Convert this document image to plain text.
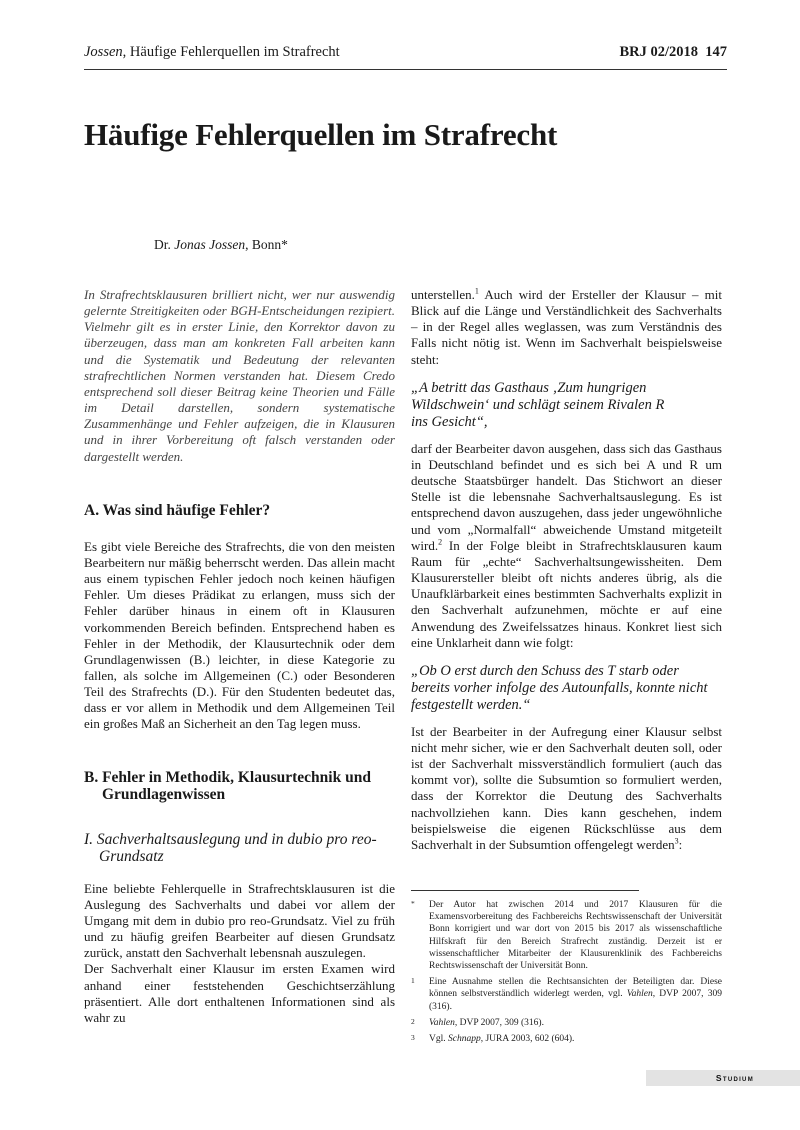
Jossen, Häufige Fehlerquellen im Strafrecht	BRJ 02/2018 147
Häufige Fehlerquellen im Strafrecht
Dr. Jonas Jossen, Bonn*

In Strafrechtsklausuren brilliert nicht, wer nur auswendig gelernte Streitigkeiten oder BGH-Entscheidungen rezipiert. Vielmehr gilt es in erster Linie, den Korrektor davon zu überzeugen, dass man am konkreten Fall arbeiten kann und die Systematik und Bedeutung der relevanten strafrechtlichen Normen verstanden hat. Diesem Credo entsprechend soll dieser Beitrag keine Theorien und Fälle im Detail darstellen, sondern systematische Zusammenhänge und Fehler aufzeigen, die in Klausuren und in ihrer Vorbereitung oft falsch verstanden oder dargestellt werden.

A. Was sind häufige Fehler?

Es gibt viele Bereiche des Strafrechts, die von den meisten Bearbeitern nur mäßig beherrscht werden. Das allein macht aus einem typischen Fehler jedoch noch keinen häufigen Fehler. Um dieses Prädikat zu erlangen, muss sich der Fehler darüber hinaus in einem oft in Klausuren vorkommenden Bereich befinden. Entsprechend haben es Fehler in der Methodik, der Klausurtechnik oder dem Grundlagenwissen (B.) leichter, in diese Kategorie zu fallen, als solche im Allgemeinen (C.) oder Besonderen Teil des Strafrechts (D.). Für den Studenten bedeutet das, dass er vor allem in Methodik und dem Allgemeinen Teil ein großes Maß an Sicherheit an den Tag legen muss.

B. Fehler in Methodik, Klausurtechnik und Grundlagenwissen
I. Sachverhaltsauslegung und in dubio pro reo-Grundsatz

Eine beliebte Fehlerquelle in Strafrechtsklausuren ist die Auslegung des Sachverhalts und dabei vor allem der Umgang mit dem in dubio pro reo-Grundsatz. Viel zu früh und zu häufig greifen Bearbeiter auf diesen Grundsatz zurück, anstatt den Sachverhalt lebensnah auszulegen.

Der Sachverhalt einer Klausur im ersten Examen wird anhand einer feststehenden Geschichtserzählung präsentiert. Alle dort enthaltenen Informationen sind als wahr zu

unterstellen.$^1$ Auch wird der Ersteller der Klausur – mit Blick auf die Länge und Verständlichkeit des Sachverhalts – in der Regel alles weglassen, was zum Verständnis des Falls nicht nötig ist. Wenn im Sachverhalt beispielsweise steht:

„A betritt das Gasthaus ‚Zum hungrigen
Wildschwein‘ und schlägt seinem Rivalen R
ins Gesicht“,

darf der Bearbeiter davon ausgehen, dass sich das Gasthaus in Deutschland befindet und es sich bei A und R um deutsche Staatsbürger handelt. Das Stichwort an dieser Stelle ist die lebensnahe Sachverhaltsauslegung. Es ist entsprechend davon auszugehen, dass jeder ungewöhnliche und vom „Normalfall“ abweichende Umstand mitgeteilt wird.$^2$ In der Folge bleibt in Strafrechtsklausuren kaum Raum für „echte“ Sachverhaltsungewissheiten. Dem Klausurersteller bleibt oft nichts anderes übrig, als die Unaufklärbarkeit eines bestimmten Sachverhalts explizit in den Sachverhalt aufzunehmen, möchte er auf eine Anwendung des Zweifelssatzes hinaus. Konkret liest sich eine Unklarheit dann wie folgt:

„Ob O erst durch den Schuss des T starb oder
bereits vorher infolge des Autounfalls, konnte nicht
festgestellt werden.“

Ist der Bearbeiter in der Aufregung einer Klausur selbst nicht mehr sicher, wie er den Sachverhalt deuten soll, oder ist der Sachverhalt missverständlich formuliert (auch das kommt vor), sollte die Subsumtion so formuliert werden, dass der Korrektor die Deutung des Sachverhalts nachvollziehen kann. Dies kann geschehen, indem beispielsweise die eigenen Rückschlüsse aus dem Sachverhalt in der Subsumtion offengelegt werden$^3$:

* Der Autor hat zwischen 2014 und 2017 Klausuren für die Examensvorbereitung des Fachbereichs Rechtswissenschaft der Universität Bonn korrigiert und war dort von 2015 bis 2017 als wissenschaftliche Hilfskraft für den Bereich Strafrecht zuständig. Derzeit ist er wissenschaftlicher Mitarbeiter der Klausurenklinik des Fachbereichs Rechtswissenschaft der Universität Bonn.
1 Eine Ausnahme stellen die Rechtsansichten der Beteiligten dar. Diese können selbstverständlich widerlegt werden, vgl. Vahlen, DVP 2007, 309 (316).
2 Vahlen, DVP 2007, 309 (316).
3 Vgl. Schnapp, JURA 2003, 602 (604).
Studium
